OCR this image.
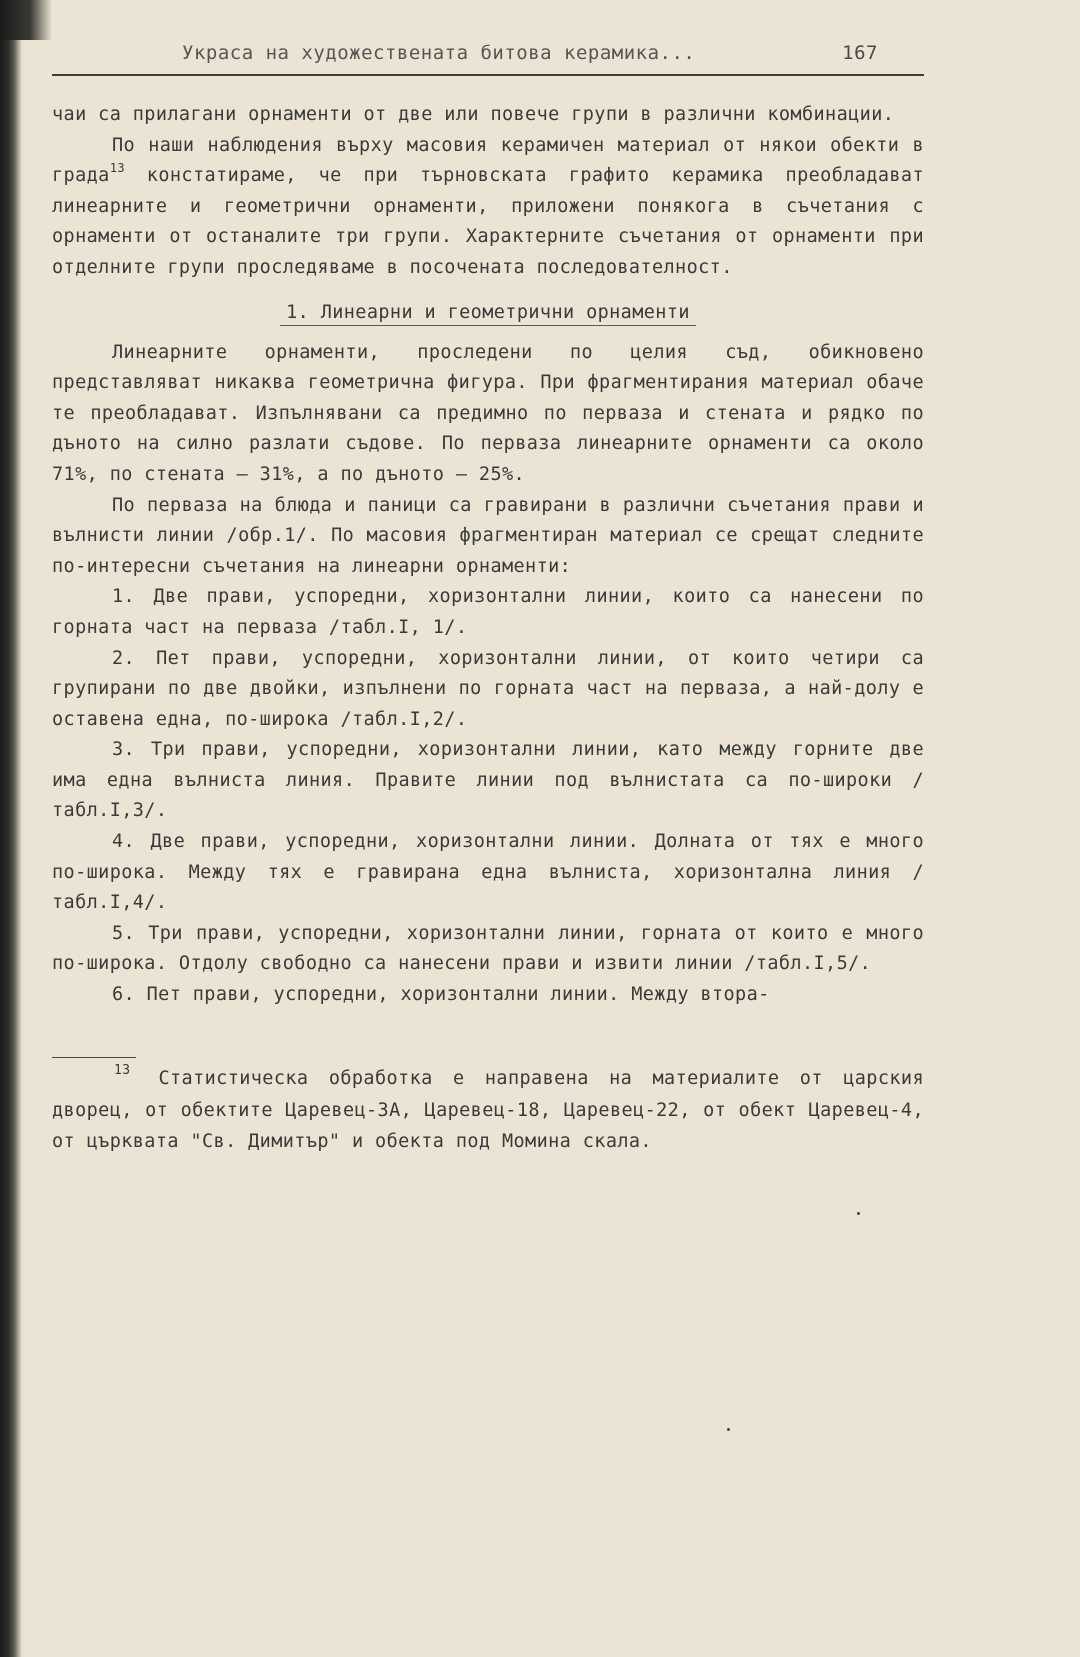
Украса на художествената битова керамика...	167

чаи са прилагани орнаменти от две или повече групи в различни комбинации.

По наши наблюдения върху масовия керамичен материал от някои обекти в града$^{13}$ констатираме, че при търновската графито керамика преобладават линеарните и геометрични орнаменти, приложени понякога в съчетания с орнаменти от останалите три групи. Характерните съчетания от орнаменти при отделните групи проследяваме в посочената последователност.

1. Линеарни и геометрични орнаменти

Линеарните орнаменти, проследени по целия съд, обикновено представляват никаква геометрична фигура. При фрагментирания материал обаче те преобладават. Изпълнявани са предимно по перваза и стената и рядко по дъното на силно разлати съдове. По перваза линеарните орнаменти са около 71%, по стената – 31%, а по дъното – 25%.

По перваза на блюда и паници са гравирани в различни съчетания прави и вълнисти линии /обр.1/. По масовия фрагментиран материал се срещат следните по-интересни съчетания на линеарни орнаменти:

1. Две прави, успоредни, хоризонтални линии, които са нанесени по горната част на перваза /табл.I, 1/.

2. Пет прави, успоредни, хоризонтални линии, от които четири са групирани по две двойки, изпълнени по горната част на перваза, а най-долу е оставена една, по-широка /табл.I,2/.

3. Три прави, успоредни, хоризонтални линии, като между горните две има една вълниста линия. Правите линии под вълнистата са по-широки /табл.I,3/.

4. Две прави, успоредни, хоризонтални линии. Долната от тях е много по-широка. Между тях е гравирана една вълниста, хоризонтална линия /табл.I,4/.

5. Три прави, успоредни, хоризонтални линии, горната от които е много по-широка. Отдолу свободно са нанесени прави и извити линии /табл.I,5/.

6. Пет прави, успоредни, хоризонтални линии. Между втора-

$^{13}$ Статистическа обработка е направена на материалите от царския дворец, от обектите Царевец-3А, Царевец-18, Царевец-22, от обект Царевец-4, от църквата "Св. Димитър" и обекта под Момина скала.
